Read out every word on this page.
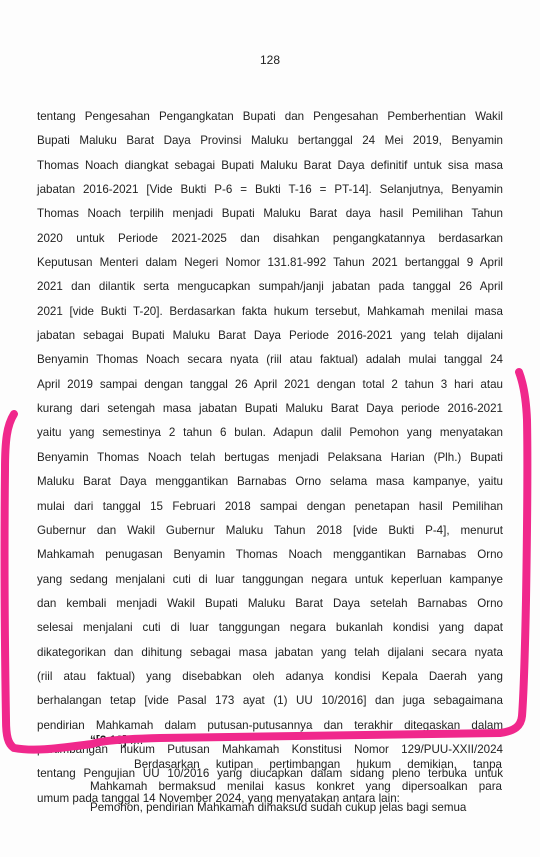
128
tentang Pengesahan Pengangkatan Bupati dan Pengesahan Pemberhentian Wakil
Bupati Maluku Barat Daya Provinsi Maluku bertanggal 24 Mei 2019, Benyamin
Thomas Noach diangkat sebagai Bupati Maluku Barat Daya definitif untuk sisa masa
jabatan 2016-2021 [Vide Bukti P-6 = Bukti T-16 = PT-14]. Selanjutnya, Benyamin
Thomas Noach terpilih menjadi Bupati Maluku Barat daya hasil Pemilihan Tahun
2020 untuk Periode 2021-2025 dan disahkan pengangkatannya berdasarkan
Keputusan Menteri dalam Negeri Nomor 131.81-992 Tahun 2021 bertanggal 9 April
2021 dan dilantik serta mengucapkan sumpah/janji jabatan pada tanggal 26 April
2021 [vide Bukti T-20]. Berdasarkan fakta hukum tersebut, Mahkamah menilai masa
jabatan sebagai Bupati Maluku Barat Daya Periode 2016-2021 yang telah dijalani
Benyamin Thomas Noach secara nyata (riil atau faktual) adalah mulai tanggal 24
April 2019 sampai dengan tanggal 26 April 2021 dengan total 2 tahun 3 hari atau
kurang dari setengah masa jabatan Bupati Maluku Barat Daya periode 2016-2021
yaitu yang semestinya 2 tahun 6 bulan. Adapun dalil Pemohon yang menyatakan
Benyamin Thomas Noach telah bertugas menjadi Pelaksana Harian (Plh.) Bupati
Maluku Barat Daya menggantikan Barnabas Orno selama masa kampanye, yaitu
mulai dari tanggal 15 Februari 2018 sampai dengan penetapan hasil Pemilihan
Gubernur dan Wakil Gubernur Maluku Tahun 2018 [vide Bukti P-4], menurut
Mahkamah penugasan Benyamin Thomas Noach menggantikan Barnabas Orno
yang sedang menjalani cuti di luar tanggungan negara untuk keperluan kampanye
dan kembali menjadi Wakil Bupati Maluku Barat Daya setelah Barnabas Orno
selesai menjalani cuti di luar tanggungan negara bukanlah kondisi yang dapat
dikategorikan dan dihitung sebagai masa jabatan yang telah dijalani secara nyata
(riil atau faktual) yang disebabkan oleh adanya kondisi Kepala Daerah yang
berhalangan tetap [vide Pasal 173 ayat (1) UU 10/2016] dan juga sebagaimana
pendirian Mahkamah dalam putusan-putusannya dan terakhir ditegaskan dalam
pertimbangan hukum Putusan Mahkamah Konstitusi Nomor 129/PUU-XXII/2024
tentang Pengujian UU 10/2016 yang diucapkan dalam sidang pleno terbuka untuk
umum pada tanggal 14 November 2024, yang menyatakan antara lain:
“[3.13] ....
Berdasarkan kutipan pertimbangan hukum demikian, tanpa
Mahkamah bermaksud menilai kasus konkret yang dipersoalkan para
Pemohon, pendirian Mahkamah dimaksud sudah cukup jelas bagi semua
